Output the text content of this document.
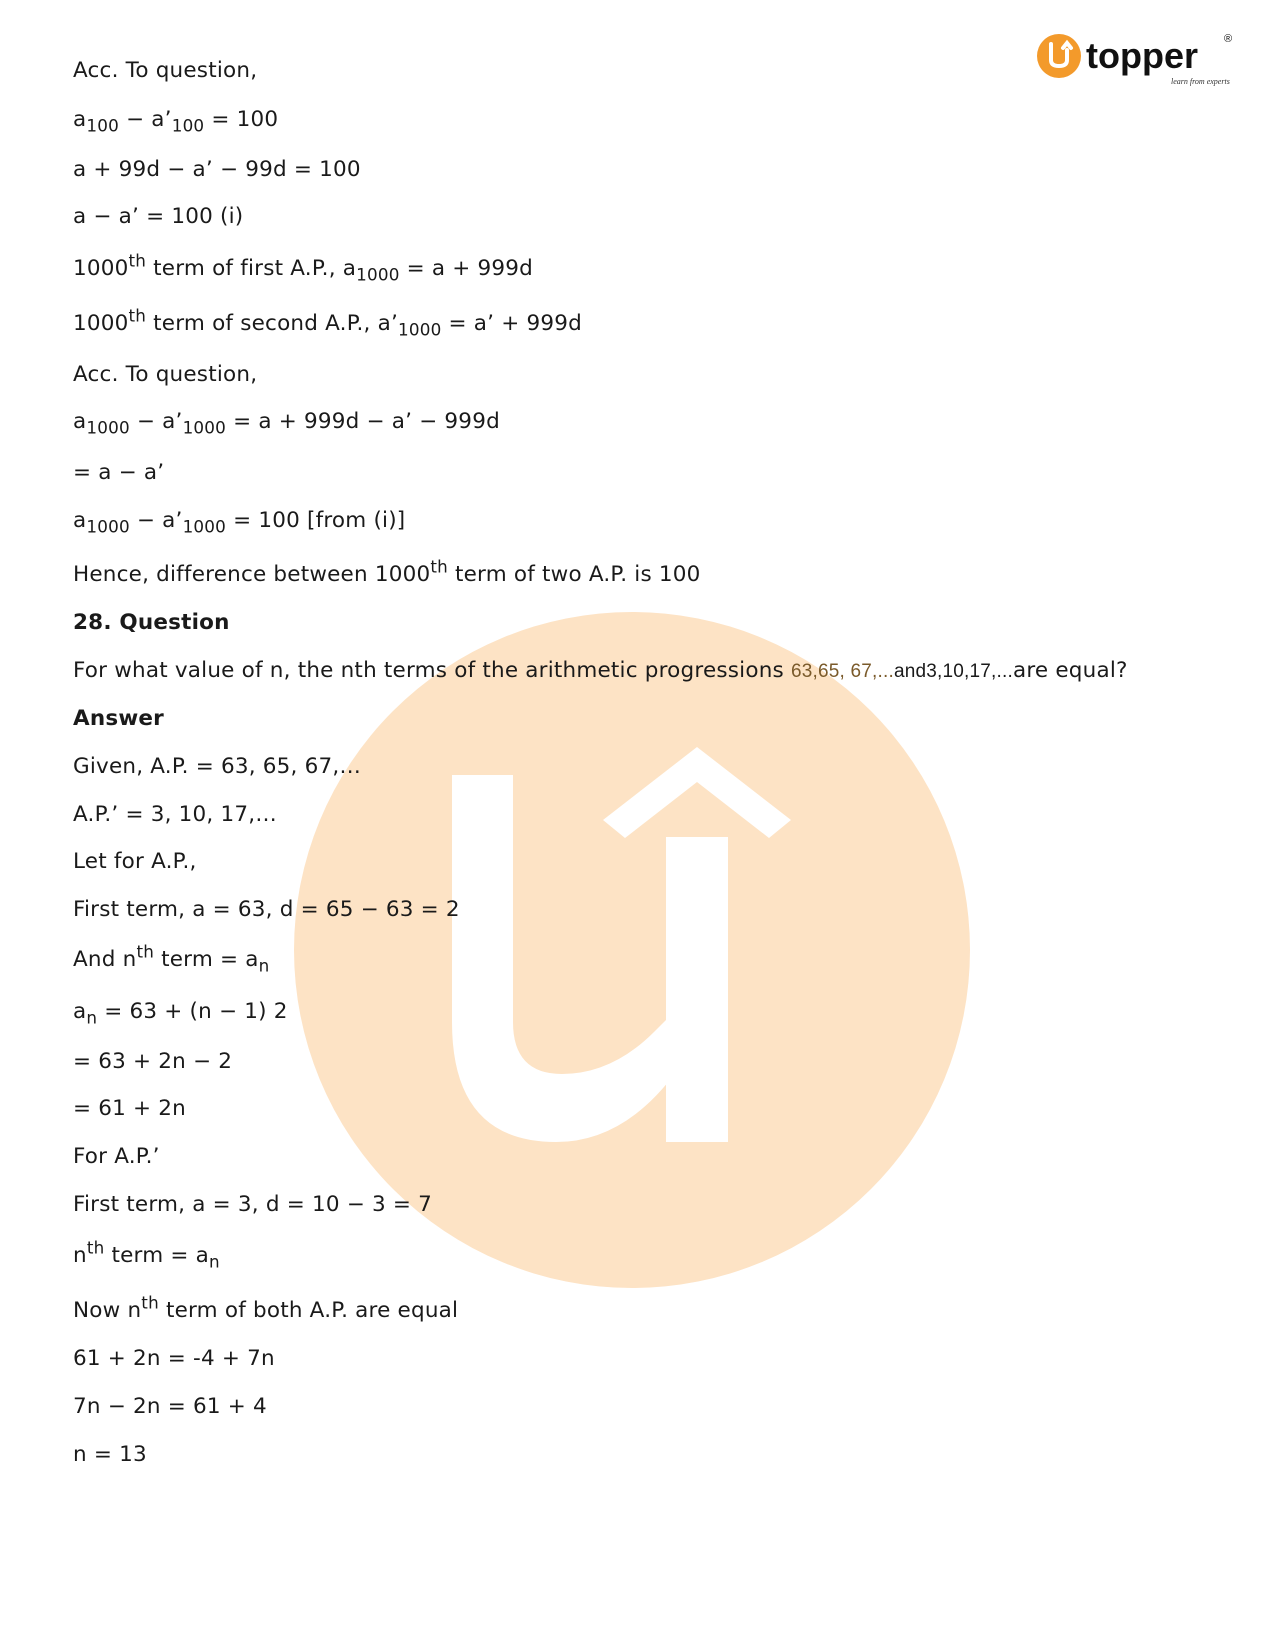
topper ®
learn from experts
Acc. To question,
$a_{100}$ − $a’_{100} = 100$
a + 99d − a’ − 99d = 100
a − a’ = 100 (i)
1000th term of first A.P., $a_{1000} = a + 999d$
1000th term of second A.P., $a’_{1000} = a$’ + 999d
Acc. To question,
$a_{1000}$ − $a’_{1000} = a + 999d - a$’ − 999d
= a − a’
$a_{1000}$ − $a’_{1000} = 100$ [from (i)]
Hence, difference between 1000th term of two A.P. is 100
28. Question
For what value of n, the nth terms of the arithmetic progressions 63,65, 67,...and3,10,17,...are equal?
Answer
Given, A.P. = 63, 65, 67,…
A.P.’ = 3, 10, 17,…
Let for A.P.,
First term, a = 63, d = 65 − 63 = 2
And $n^{th}$ term = $a_n$
$a_n = 63 + (n - 1)$ 2
= 63 + 2n − 2
= 61 + 2n
For A.P.’
First term, a = 3, d = 10 − 3 = 7
$n^{th}$ term = $a_n$
Now $n^{th}$ term of both A.P. are equal
61 + 2n = -4 + 7n
7n − 2n = 61 + 4
n = 13
